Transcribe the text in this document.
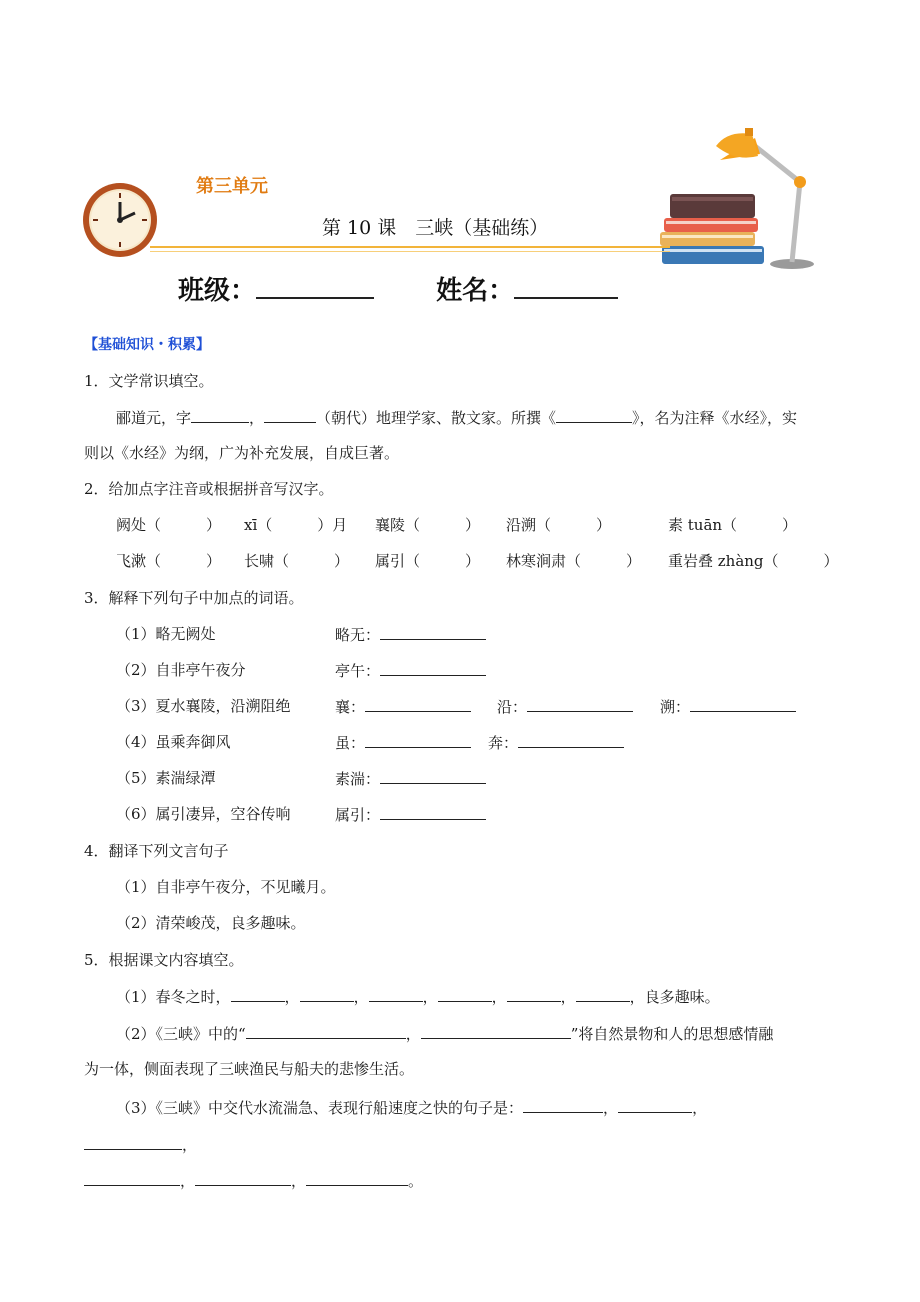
第三单元
第 10 课　三峡（基础练）
班级：	姓名：
【基础知识・积累】
1．文学常识填空。
郦道元，字	，	（朝代）地理学家、散文家。所撰《	》，名为注释《水经》，实
则以《水经》为纲，广为补充发展，自成巨著。
2．给加点字注音或根据拼音写汉字。
阙处（　　　） xī（　　　）月 襄陵（　　　） 沿溯（　　　）	素 tuān（　　　）
飞漱（　　　） 长啸（　　　） 属引（　　　） 林寒涧肃（　　　） 重岩叠 zhàng（　　　）
3．解释下列句子中加点的词语。
（1）略无阙处	略无：
（2）自非亭午夜分	亭午：
（3）夏水襄陵，沿溯阻绝	襄：	沿：	溯：
（4）虽乘奔御风	虽：	奔：
（5）素湍绿潭	素湍：
（6）属引凄异，空谷传响	属引：
4．翻译下列文言句子
（1）自非亭午夜分，不见曦月。
（2）清荣峻茂，良多趣味。
5．根据课文内容填空。
（1）春冬之时，	，	，	，	，	，	，良多趣味。
（2）《三峡》中的“	，	”将自然景物和人的思想感情融
为一体，侧面表现了三峡渔民与船夫的悲惨生活。
（3）《三峡》中交代水流湍急、表现行船速度之快的句子是：	，	，
，
，	，	。
